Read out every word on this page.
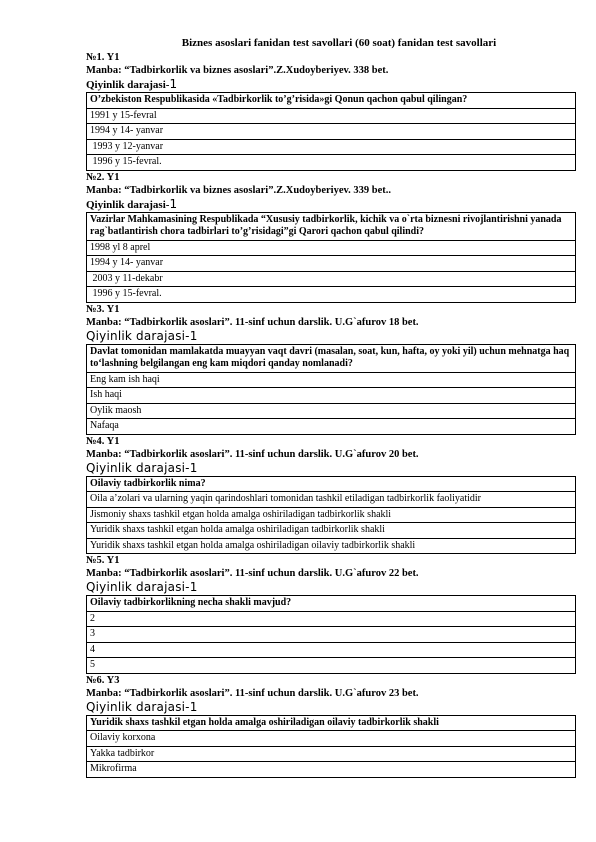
Biznes asoslari fanidan test savollari (60 soat) fanidan test savollari
№1. Y1
Manba: “Tadbirkorlik va biznes asoslari”.Z.Xudoyberiyev. 338 bet.
Qiyinlik darajasi-1
O’zbekiston Respublikasida «Tadbirkorlik to’g’risida»gi Qonun qachon qabul qilingan?
1991 y 15-fevral
1994 y 14- yanvar
1993 y 12-yanvar
1996 y 15-fevral.
№2. Y1
Manba: “Tadbirkorlik va biznes asoslari”.Z.Xudoyberiyev. 339 bet..
Qiyinlik darajasi-1
Vazirlar Mahkamasining Respublikada “Xususiy tadbirkorlik, kichik va o`rta biznesni rivojlantirishni yanada rag`batlantirish chora tadbirlari to’g’risidagi”gi Qarori qachon qabul qilindi?
1998 yl 8 aprel
1994 y 14- yanvar
2003 y 11-dekabr
1996 y 15-fevral.
№3. Y1
Manba: “Tadbirkorlik asoslari”. 11-sinf uchun darslik. U.G`afurov 18 bet.
Qiyinlik darajasi-1
Davlat tomonidan mamlakatda muayyan vaqt davri (masalan, soat, kun, hafta, oy yoki yil) uchun mehnatga haq to‘lashning belgilangan eng kam miqdori qanday nomlanadi?
Eng kam ish haqi
Ish haqi
Oylik maosh
Nafaqa
№4. Y1
Manba: “Tadbirkorlik asoslari”. 11-sinf uchun darslik. U.G`afurov 20 bet.
Qiyinlik darajasi-1
Oilaviy tadbirkorlik nima?
Oila a’zolari va ularning yaqin qarindoshlari tomonidan tashkil etiladigan tadbirkorlik faoliyatidir
Jismoniy shaxs tashkil etgan holda amalga oshiriladigan tadbirkorlik shakli
Yuridik shaxs tashkil etgan holda amalga oshiriladigan tadbirkorlik shakli
Yuridik shaxs tashkil etgan holda amalga oshiriladigan oilaviy tadbirkorlik shakli
№5. Y1
Manba: “Tadbirkorlik asoslari”. 11-sinf uchun darslik. U.G`afurov 22 bet.
Qiyinlik darajasi-1
Oilaviy tadbirkorlikning necha shakli mavjud?
2
3
4
5
№6. Y3
Manba: “Tadbirkorlik asoslari”. 11-sinf uchun darslik. U.G`afurov 23 bet.
Qiyinlik darajasi-1
Yuridik shaxs tashkil etgan holda amalga oshiriladigan oilaviy tadbirkorlik shakli
Oilaviy korxona
Yakka tadbirkor
Mikrofirma
